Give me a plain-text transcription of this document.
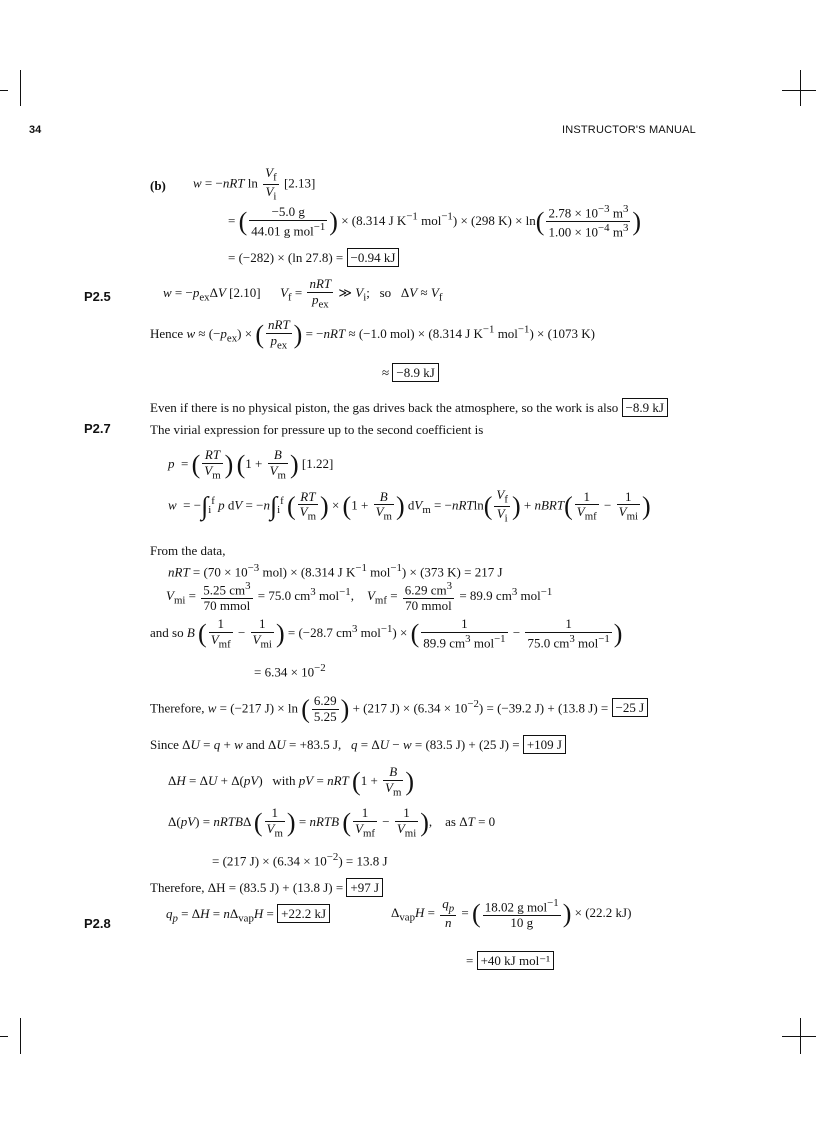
34	INSTRUCTOR'S MANUAL
(b) w = −nRT $\ln \frac{V_f}{V_i} [2.13]$
= ( $\frac{-5.0 g}{44.01 g mol^{-1}}$ ) × (8.314 J $K^{-1}$ mol$^{-1}$) × (298 $K) \times \ln( \frac{2.78 \times 10^{-3} m^3}{1.00 \times 10^{-4} m^3}$ )
= (−282) × (ln 27.8) = −0.94 kJ
P2.5	$w = -p_{ex}\Delta V$ [2.10]      $V_f = \frac{\text{nRT}}{p_{ex}}$ ≫ $V_i$;   so   $\Delta V \approx V_f$
Hence $w \approx (-p_{ex})$ × ( $\frac{\text{nRT}}{p_{ex}}$ ) = −nRT ≈ (−1.0 mol) × (8.314 J $K^{-1}$ mol$^{-1}$) × (1073 K)
≈ −8.9 kJ
Even if there is no physical piston, the gas drives back the atmosphere, so the work is also −8.9 kJ
P2.7	The virial expression for pressure up to the second coefficient is
p  = ( $\frac{RT}{V_m}$ ) ($1 + \frac{B}{V_m}$ ) [1.22]
$w = -\int_i^f$ p dV = $-n\int_i^f$ ( $\frac{RT}{V_m}$ ) × ($1 + \frac{B}{V_m}$ ) $dV_m = -nRTln( \frac{V_f}{V_i}$ ) + nBRT( $\frac{1}{V_{mf}} - \frac{1}{V_{mi}}$ )
From the data,
nRT = ($70 \times 10^{-3}$ mol) × (8.314 J $K^{-1}$ mol$^{-1}$) × (373 K) = 217 J
$V_{mi} = \frac{5.25 cm^3}{\text{70 mmol}} = 75.0$ $cm^3$ mol$^{-1}$,    $V_{mf} = \frac{6.29 cm^3}{\text{70 mmol}} = 89.9$ $cm^3$ mol$^{-1}$
and so B ( $\frac{1}{V_{mf}} - \frac{1}{V_{mi}}$ ) = (−28.7 $cm^3$ mol$^{-1}$) × ( $\frac{1}{89.9 cm^3 mol^{-1}} - \frac{1}{75.0 cm^3 mol^{-1}}$ )
= $6.34 \times 10^{-2}$
Therefore, w = (−217 J) × ln ( $\frac{6.29}{5.25}$ ) + (217 $J) \times (6.34 \times 10^{-2}) = (-39.2$ J) + (13.8 J) = −25 J
Since ΔU = q + w and ΔU = +83.5 J,   q = ΔU − w = (83.5 J) + (25 J) = +109 J
ΔH = ΔU + Δ(pV)   with pV = nRT ($1 + \frac{B}{V_m}$ )
Δ(pV) = nRTBΔ ( $\frac{1}{V_m}$ ) = nRTB ( $\frac{1}{V_{mf}} - \frac{1}{V_{mi}}$ ),    as ΔT = 0
= (217 $J) \times (6.34 \times 10^{-2}) = 13.8$ J
Therefore, ΔH = (83.5 J) + (13.8 J) = +97 J
P2.8
$q_p = \Delta H = n\Delta_{vap}H = +22.2$ kJ	$\Delta_{vap}H = \frac{q_p}{n}$ = ( $\frac{18.02 g mol^{-1}}{10 g}$ ) × (22.2 kJ)
= +40 kJ mol⁻¹
